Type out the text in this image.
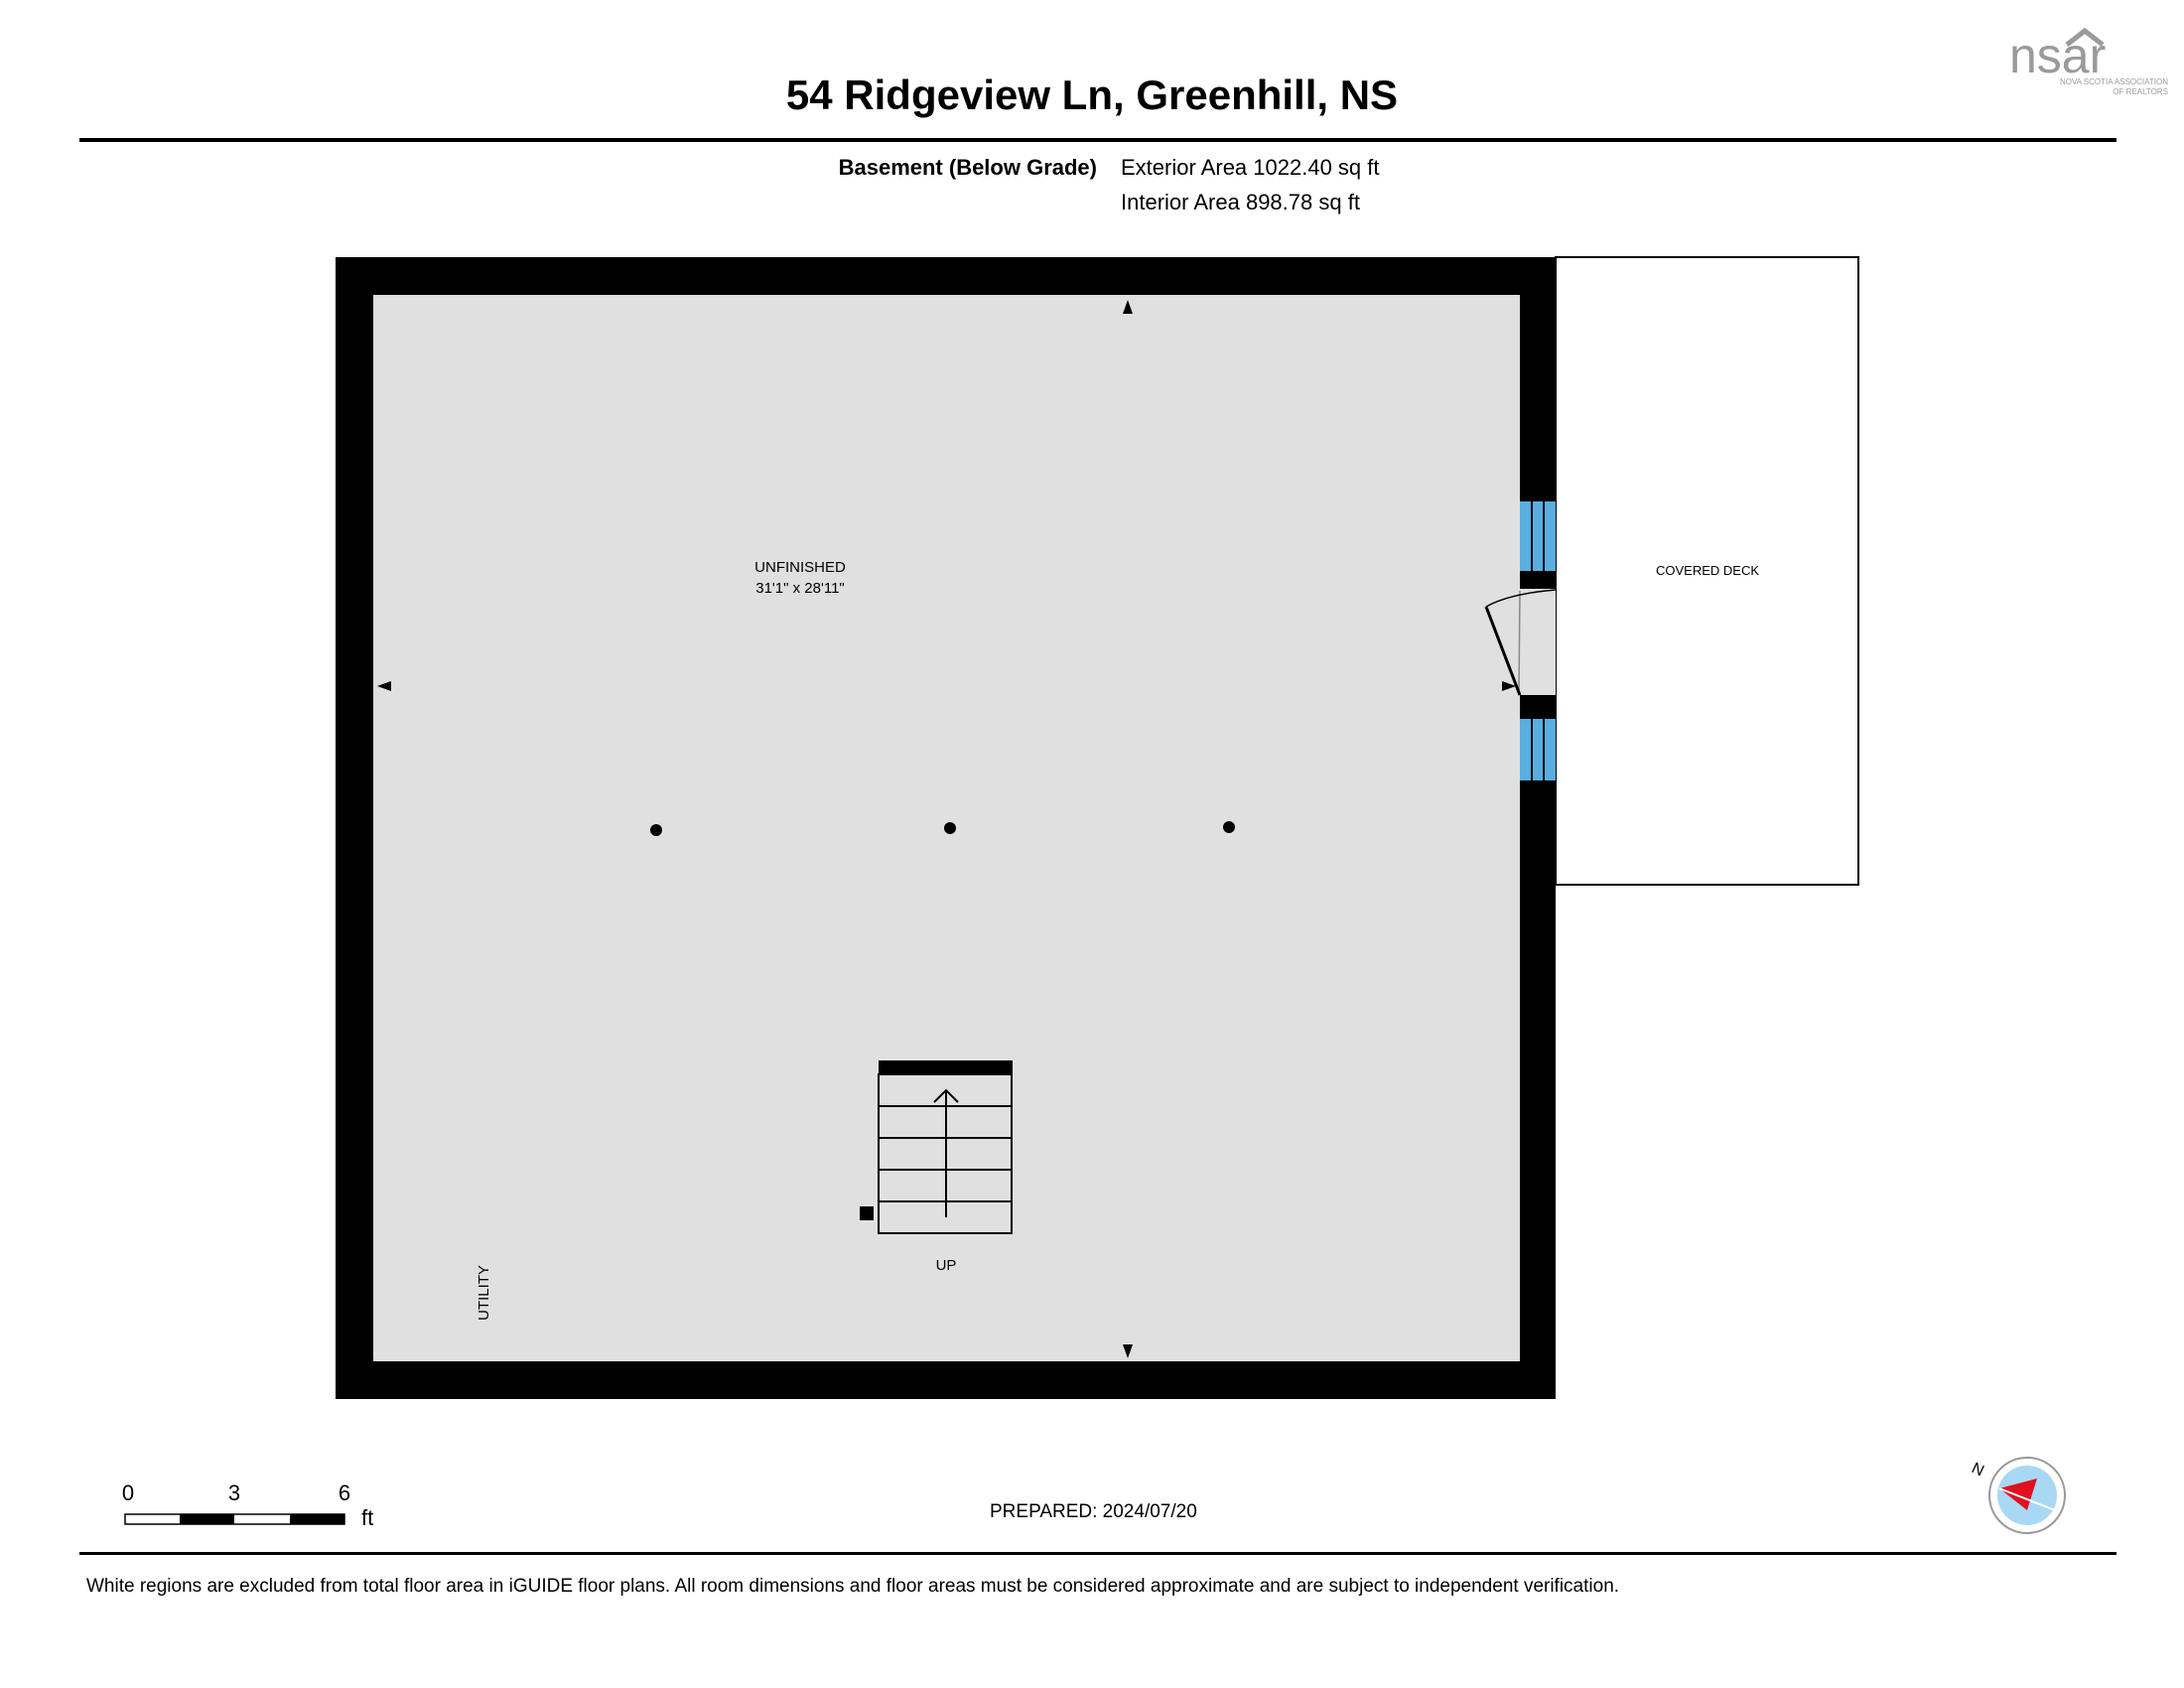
54 Ridgeview Ln, Greenhill, NS
Basement (Below Grade) Exterior Area 1022.40 sq ft
Interior Area 898.78 sq ft
nsar
NOVA SCOTIA ASSOCIATION
OF REALTORS
UNFINISHED
31'1" x 28'11"
COVERED DECK
UP
UTILITY
0	3	6
ft
N
PREPARED: 2024/07/20
White regions are excluded from total floor area in iGUIDE floor plans. All room dimensions and floor areas must be considered approximate and are subject to independent verification.
